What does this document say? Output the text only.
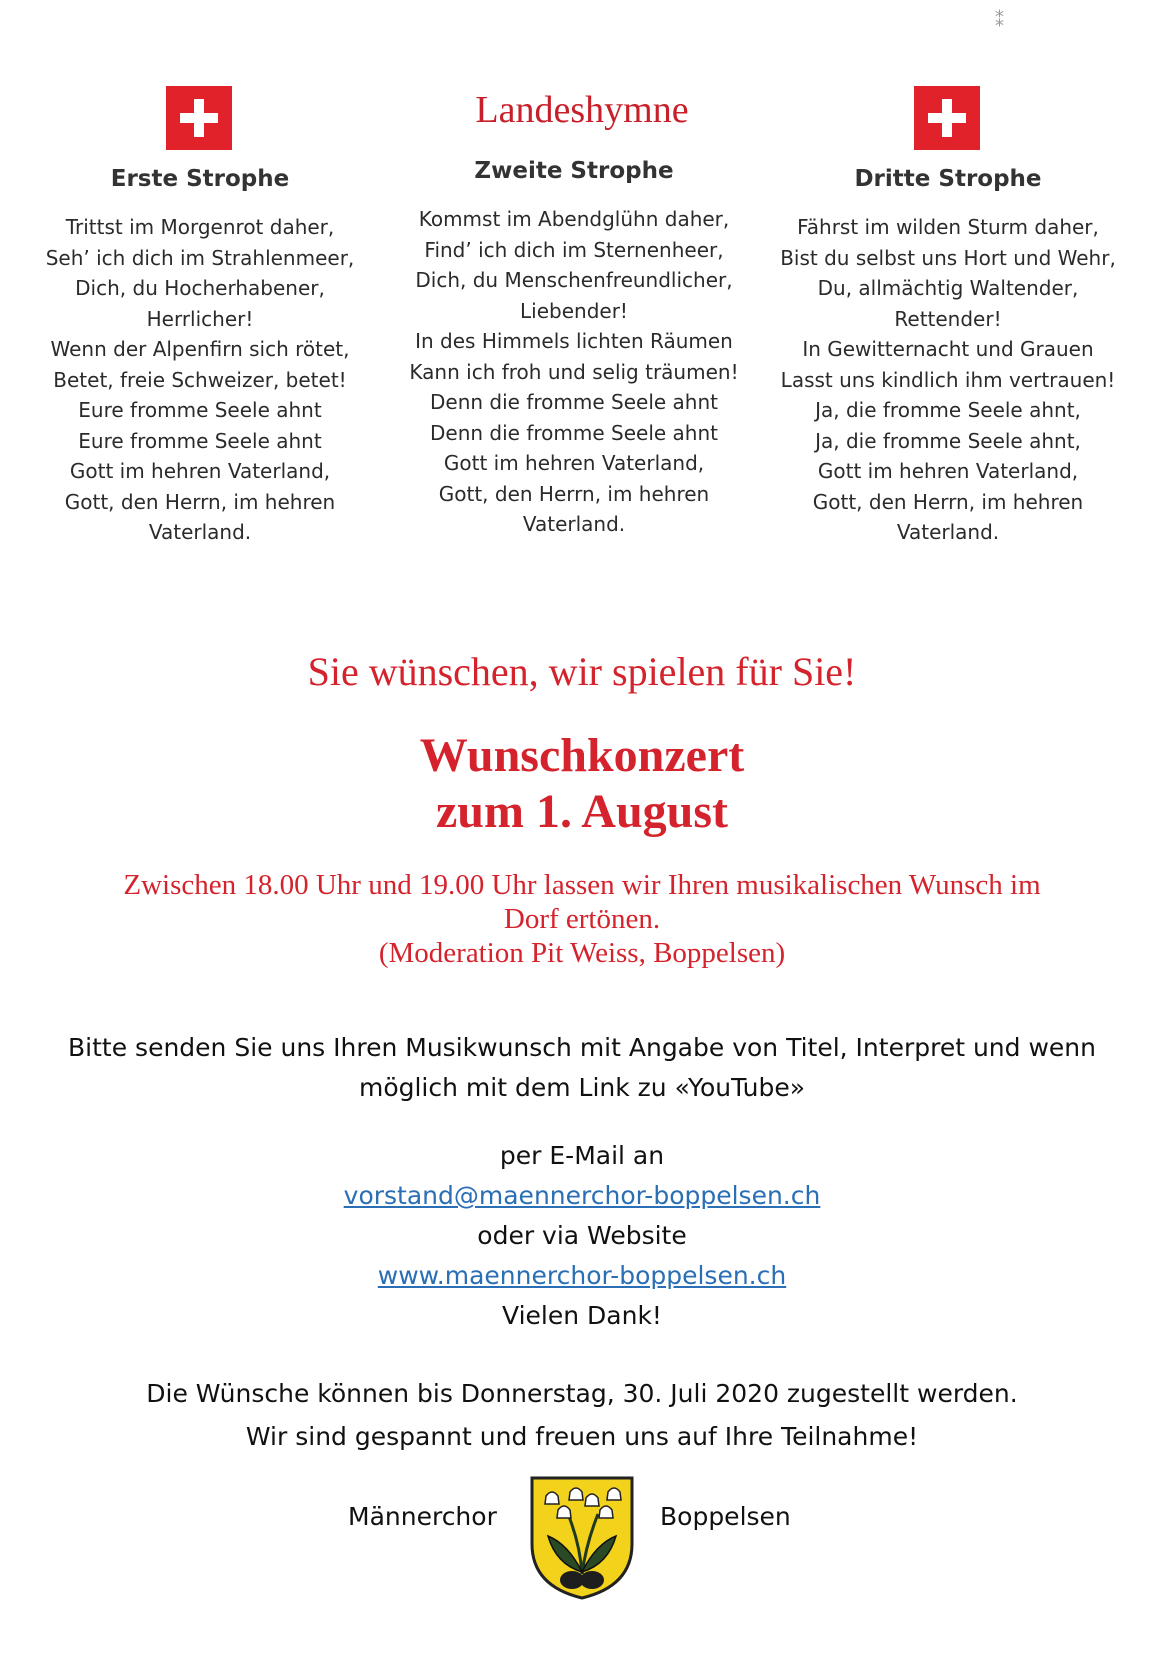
⁑
Landeshymne
Erste Strophe
Trittst im Morgenrot daher,
Seh’ ich dich im Strahlenmeer,
Dich, du Hocherhabener,
Herrlicher!
Wenn der Alpenfirn sich rötet,
Betet, freie Schweizer, betet!
Eure fromme Seele ahnt
Eure fromme Seele ahnt
Gott im hehren Vaterland,
Gott, den Herrn, im hehren
Vaterland.
Zweite Strophe
Kommst im Abendglühn daher,
Find’ ich dich im Sternenheer,
Dich, du Menschenfreundlicher,
Liebender!
In des Himmels lichten Räumen
Kann ich froh und selig träumen!
Denn die fromme Seele ahnt
Denn die fromme Seele ahnt
Gott im hehren Vaterland,
Gott, den Herrn, im hehren
Vaterland.
Dritte Strophe
Fährst im wilden Sturm daher,
Bist du selbst uns Hort und Wehr,
Du, allmächtig Waltender,
Rettender!
In Gewitternacht und Grauen
Lasst uns kindlich ihm vertrauen!
Ja, die fromme Seele ahnt,
Ja, die fromme Seele ahnt,
Gott im hehren Vaterland,
Gott, den Herrn, im hehren
Vaterland.
Sie wünschen, wir spielen für Sie!
Wunschkonzert
zum 1. August
Zwischen 18.00 Uhr und 19.00 Uhr lassen wir Ihren musikalischen Wunsch im
Dorf ertönen.
(Moderation Pit Weiss, Boppelsen)
Bitte senden Sie uns Ihren Musikwunsch mit Angabe von Titel, Interpret und wenn
möglich mit dem Link zu «YouTube»
per E-Mail an
vorstand@maennerchor-boppelsen.ch
oder via Website
www.maennerchor-boppelsen.ch
Vielen Dank!
Die Wünsche können bis Donnerstag, 30. Juli 2020 zugestellt werden.
Wir sind gespannt und freuen uns auf Ihre Teilnahme!
Männerchor	Boppelsen
